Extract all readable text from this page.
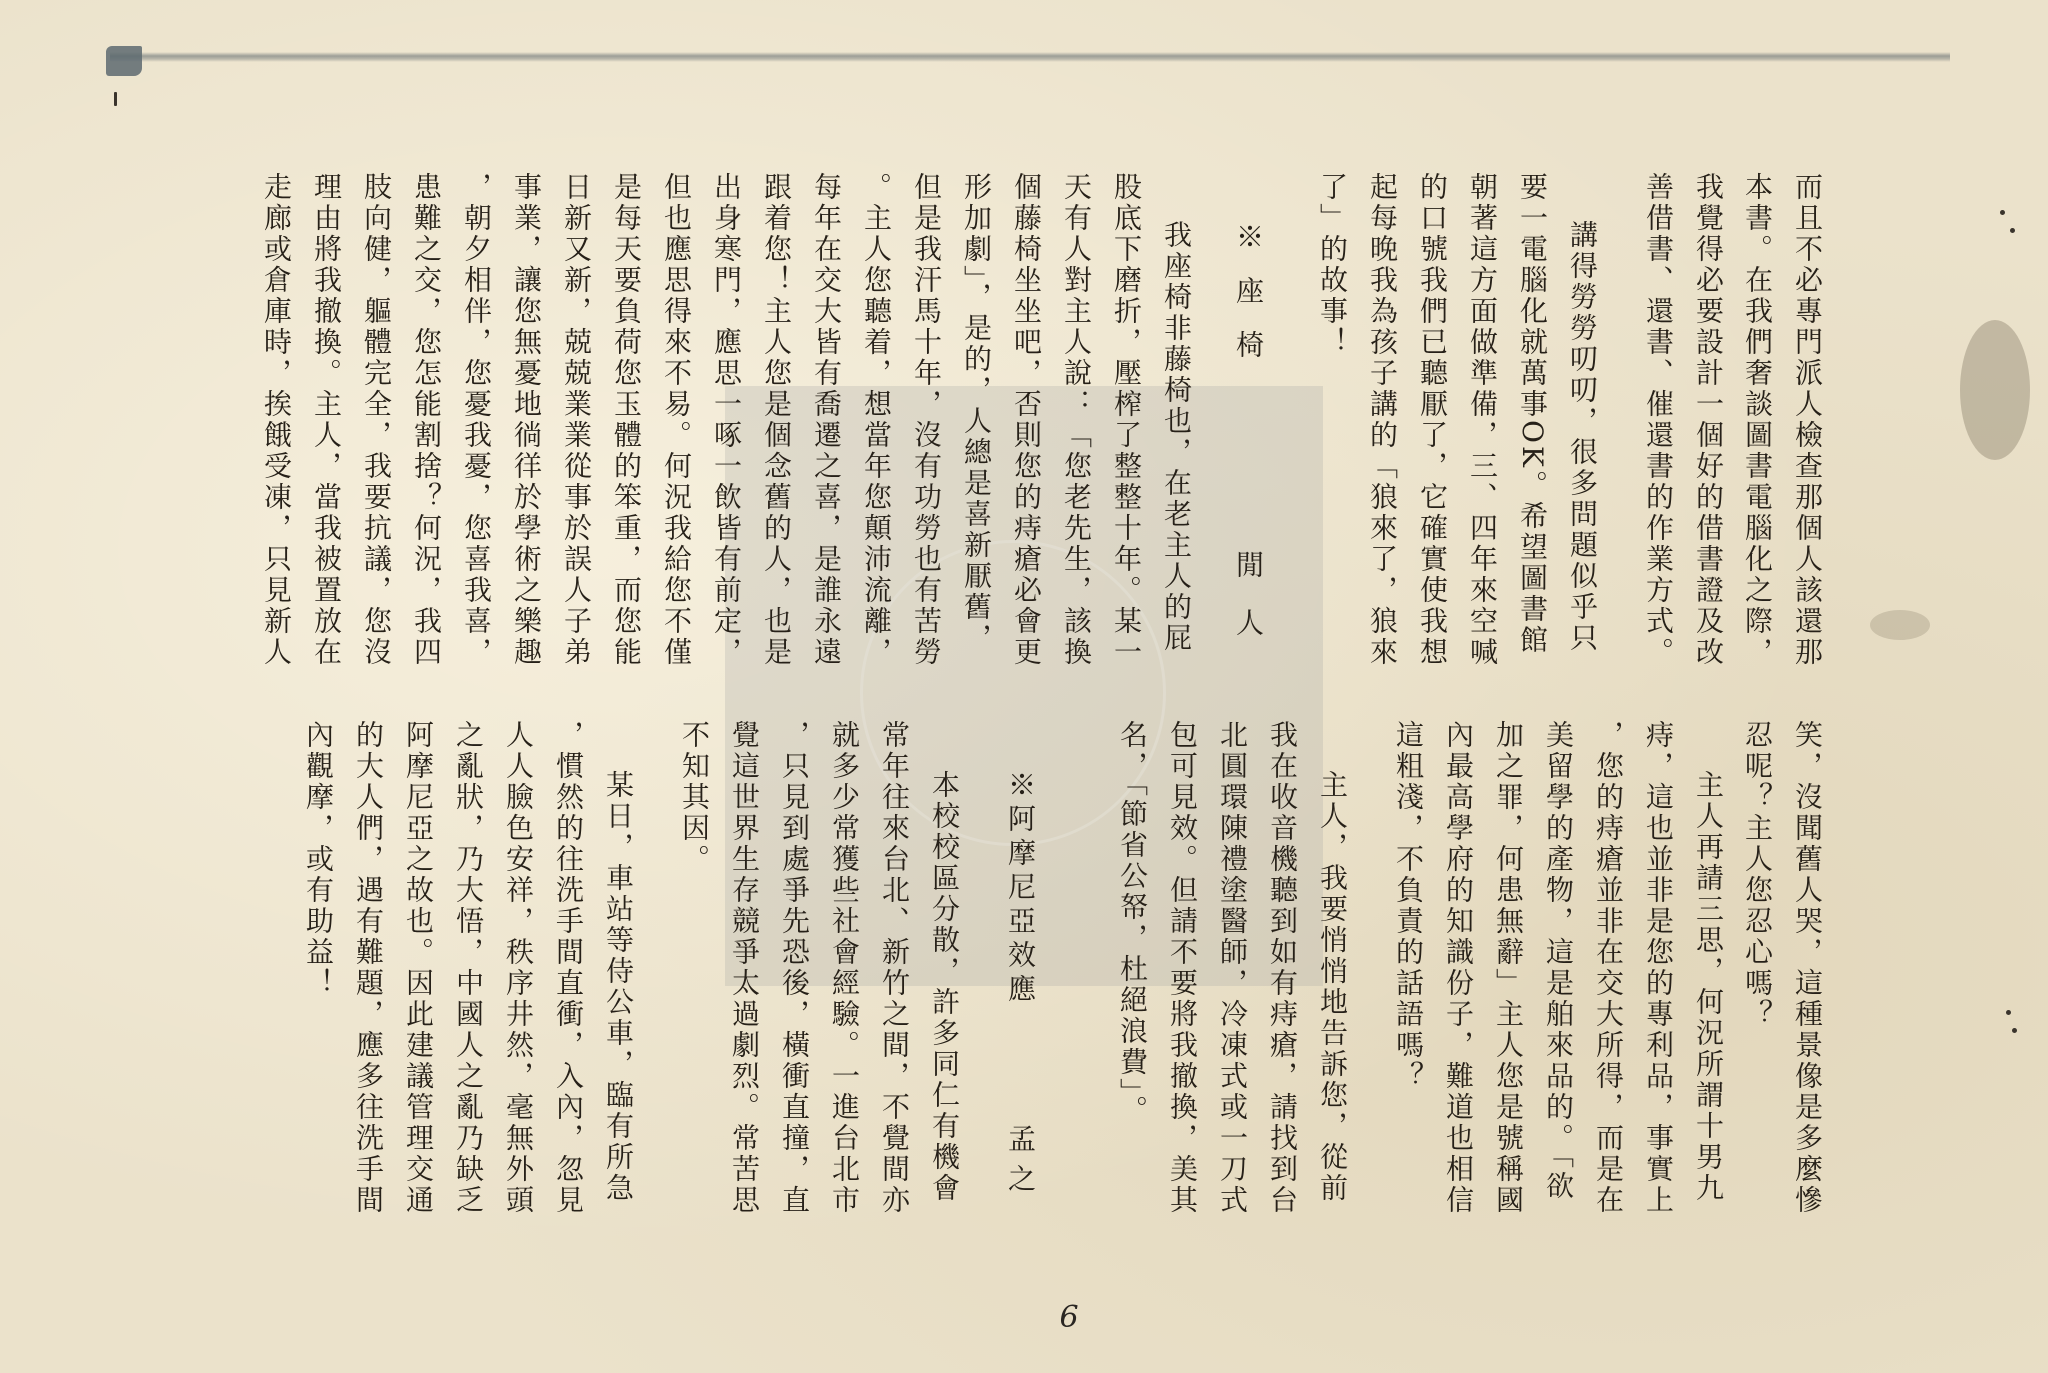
而且不必專門派人檢查那個人該還那
本書。在我們奢談圖書電腦化之際，
我覺得必要設計一個好的借書證及改
善借書、還書、催還書的作業方式。
講得勞勞叨叨，很多問題似乎只
要一電腦化就萬事OK。希望圖書館
朝著這方面做準備，三、四年來空喊
的口號我們已聽厭了，它確實使我想
起每晚我為孩子講的「狼來了，狼來
了」的故事！
※座椅
閒人
我座椅非藤椅也，在老主人的屁
股底下磨折，壓榨了整整十年。某一
天有人對主人說：「您老先生，該換
個藤椅坐坐吧，否則您的痔瘡必會更
形加劇」，是的，人總是喜新厭舊，
但是我汗馬十年，沒有功勞也有苦勞
。主人您聽着，想當年您顛沛流離，
每年在交大皆有喬遷之喜，是誰永遠
跟着您！主人您是個念舊的人，也是
出身寒門，應思一啄一飲皆有前定，
但也應思得來不易。何況我給您不僅
是每天要負荷您玉體的笨重，而您能
日新又新，兢兢業業從事於誤人子弟
事業，讓您無憂地徜徉於學術之樂趣
，朝夕相伴，您憂我憂，您喜我喜，
患難之交，您怎能割捨？何況，我四
肢向健，軀體完全，我要抗議，您沒
理由將我撤換。主人，當我被置放在
走廊或倉庫時，挨餓受凍，只見新人
笑，沒聞舊人哭，這種景像是多麼慘
忍呢？主人您忍心嗎？
主人再請三思，何況所謂十男九
痔，這也並非是您的專利品，事實上
，您的痔瘡並非在交大所得，而是在
美留學的產物，這是舶來品的。「欲
加之罪，何患無辭」主人您是號稱國
內最高學府的知識份子，難道也相信
這粗淺，不負責的話語嗎？
主人，我要悄悄地告訴您，從前
我在收音機聽到如有痔瘡，請找到台
北圓環陳禮塗醫師，冷凍式或一刀式
包可見效。但請不要將我撤換，美其
名，「節省公帑，杜絕浪費」。
※阿摩尼亞效應
孟之
本校校區分散，許多同仁有機會
常年往來台北、新竹之間，不覺間亦
就多少常獲些社會經驗。一進台北市
，只見到處爭先恐後，橫衝直撞，直
覺這世界生存競爭太過劇烈。常苦思
不知其因。
某日，車站等侍公車，臨有所急
，慣然的往洗手間直衝，入內，忽見
人人臉色安祥，秩序井然，毫無外頭
之亂狀，乃大悟，中國人之亂乃缺乏
阿摩尼亞之故也。因此建議管理交通
的大人們，遇有難題，應多往洗手間
內觀摩，或有助益！
6
